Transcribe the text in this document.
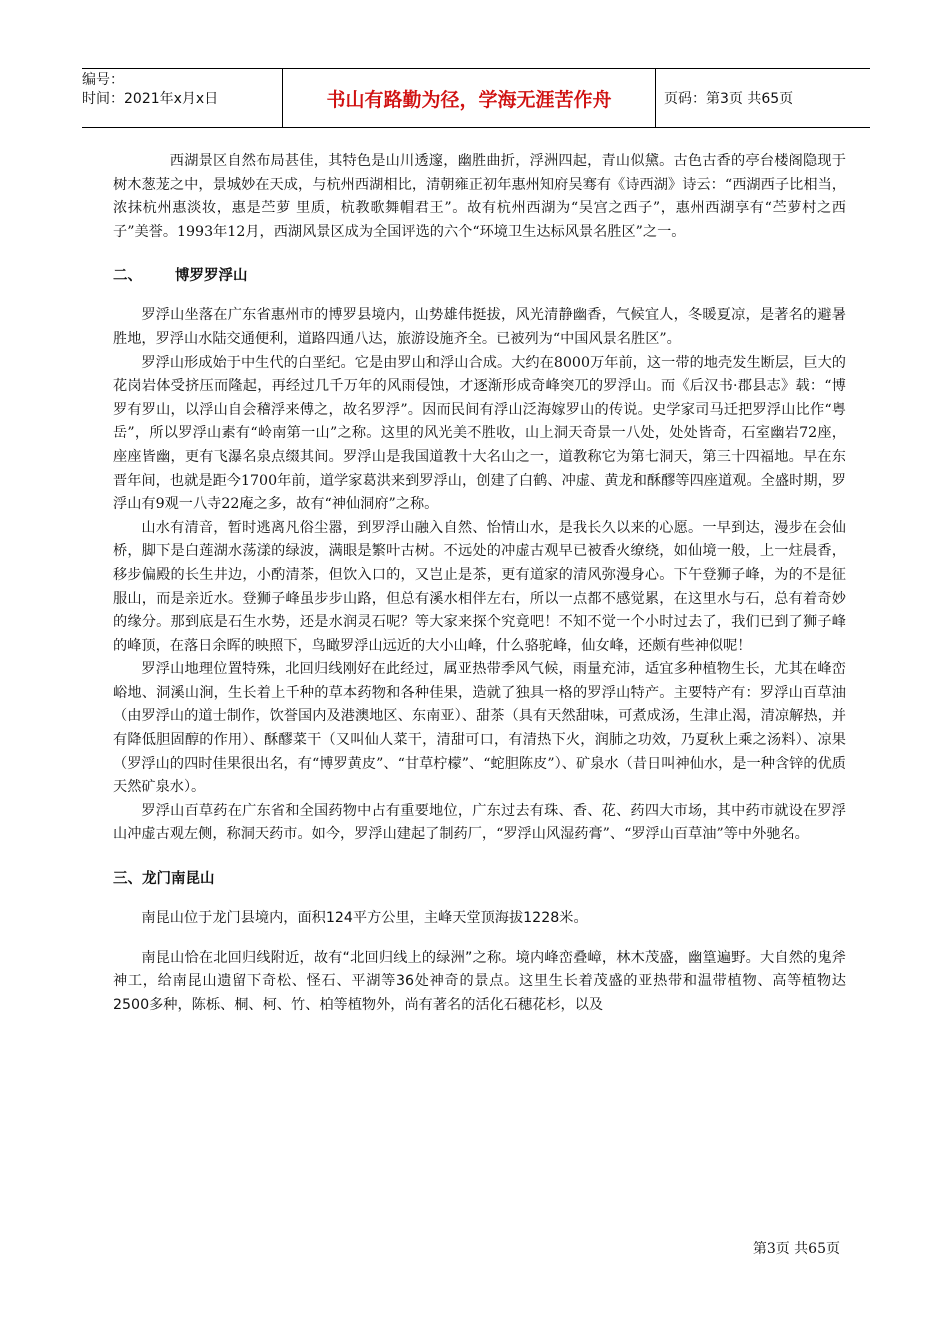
编号：
时间：2021年x月x日	书山有路勤为径，学海无涯苦作舟	页码：第3页 共65页

西湖景区自然布局甚佳，其特色是山川透邃，幽胜曲折，浮洲四起，青山似黛。古色古香的亭台楼阁隐现于树木葱茏之中，景城妙在天成，与杭州西湖相比，清朝雍正初年惠州知府吴骞有《诗西湖》诗云：“西湖西子比相当，浓抹杭州惠淡妆，惠是苎萝 里质，杭教歌舞帽君王”。故有杭州西湖为“吴宫之西子”，惠州西湖享有“苎萝村之西子”美誉。1993年12月，西湖风景区成为全国评选的六个“环境卫生达标风景名胜区”之一。

二、 博罗罗浮山

罗浮山坐落在广东省惠州市的博罗县境内，山势雄伟挺拔，风光清静幽香，气候宜人，冬暖夏凉，是著名的避暑胜地，罗浮山水陆交通便利，道路四通八达，旅游设施齐全。已被列为“中国风景名胜区”。

罗浮山形成始于中生代的白垩纪。它是由罗山和浮山合成。大约在8000万年前，这一带的地壳发生断层，巨大的花岗岩体受挤压而隆起，再经过几千万年的风雨侵蚀，才逐渐形成奇峰突兀的罗浮山。而《后汉书·郡县志》载：“博罗有罗山，以浮山自会稽浮来傅之，故名罗浮”。因而民间有浮山泛海嫁罗山的传说。史学家司马迁把罗浮山比作“粤岳”，所以罗浮山素有“岭南第一山”之称。这里的风光美不胜收，山上洞天奇景一八处，处处皆奇，石室幽岩72座，座座皆幽，更有飞瀑名泉点缀其间。罗浮山是我国道教十大名山之一，道教称它为第七洞天，第三十四福地。早在东晋年间，也就是距今1700年前，道学家葛洪来到罗浮山，创建了白鹤、冲虚、黄龙和酥醪等四座道观。全盛时期，罗浮山有9观一八寺22庵之多，故有“神仙洞府”之称。

山水有清音，暂时逃离凡俗尘嚣，到罗浮山融入自然、怡情山水，是我长久以来的心愿。一早到达，漫步在会仙桥，脚下是白莲湖水荡漾的绿波，满眼是繁叶古树。不远处的冲虚古观早已被香火缭绕，如仙境一般，上一炷晨香，移步偏殿的长生井边，小酌清茶，但饮入口的，又岂止是茶，更有道家的清风弥漫身心。下午登狮子峰，为的不是征服山，而是亲近水。登狮子峰虽步步山路，但总有溪水相伴左右，所以一点都不感觉累，在这里水与石，总有着奇妙的缘分。那到底是石生水势，还是水润灵石呢？等大家来探个究竟吧！不知不觉一个小时过去了，我们已到了狮子峰的峰顶，在落日余晖的映照下，鸟瞰罗浮山远近的大小山峰，什么骆驼峰，仙女峰，还颇有些神似呢！

罗浮山地理位置特殊，北回归线刚好在此经过，属亚热带季风气候，雨量充沛，适宜多种植物生长，尤其在峰峦峪地、洞溪山涧，生长着上千种的草本药物和各种佳果，造就了独具一格的罗浮山特产。主要特产有：罗浮山百草油（由罗浮山的道士制作，饮誉国内及港澳地区、东南亚）、甜茶（具有天然甜味，可煮成汤，生津止渴，清凉解热，并有降低胆固醇的作用）、酥醪菜干（又叫仙人菜干，清甜可口，有清热下火，润肺之功效，乃夏秋上乘之汤料）、凉果（罗浮山的四时佳果很出名，有“博罗黄皮”、“甘草柠檬”、“蛇胆陈皮”）、矿泉水（昔日叫神仙水，是一种含锌的优质天然矿泉水）。

罗浮山百草药在广东省和全国药物中占有重要地位，广东过去有珠、香、花、药四大市场，其中药市就设在罗浮山冲虚古观左侧，称洞天药市。如今，罗浮山建起了制药厂，“罗浮山风湿药膏”、“罗浮山百草油”等中外驰名。

三、龙门南昆山

南昆山位于龙门县境内，面积124平方公里，主峰天堂顶海拔1228米。

南昆山恰在北回归线附近，故有“北回归线上的绿洲”之称。境内峰峦叠嶂，林木茂盛，幽篁遍野。大自然的鬼斧神工，给南昆山遗留下奇松、怪石、平湖等36处神奇的景点。这里生长着茂盛的亚热带和温带植物、高等植物达2500多种，陈栎、桐、柯、竹、柏等植物外，尚有著名的活化石穗花杉，以及

第3页 共65页
